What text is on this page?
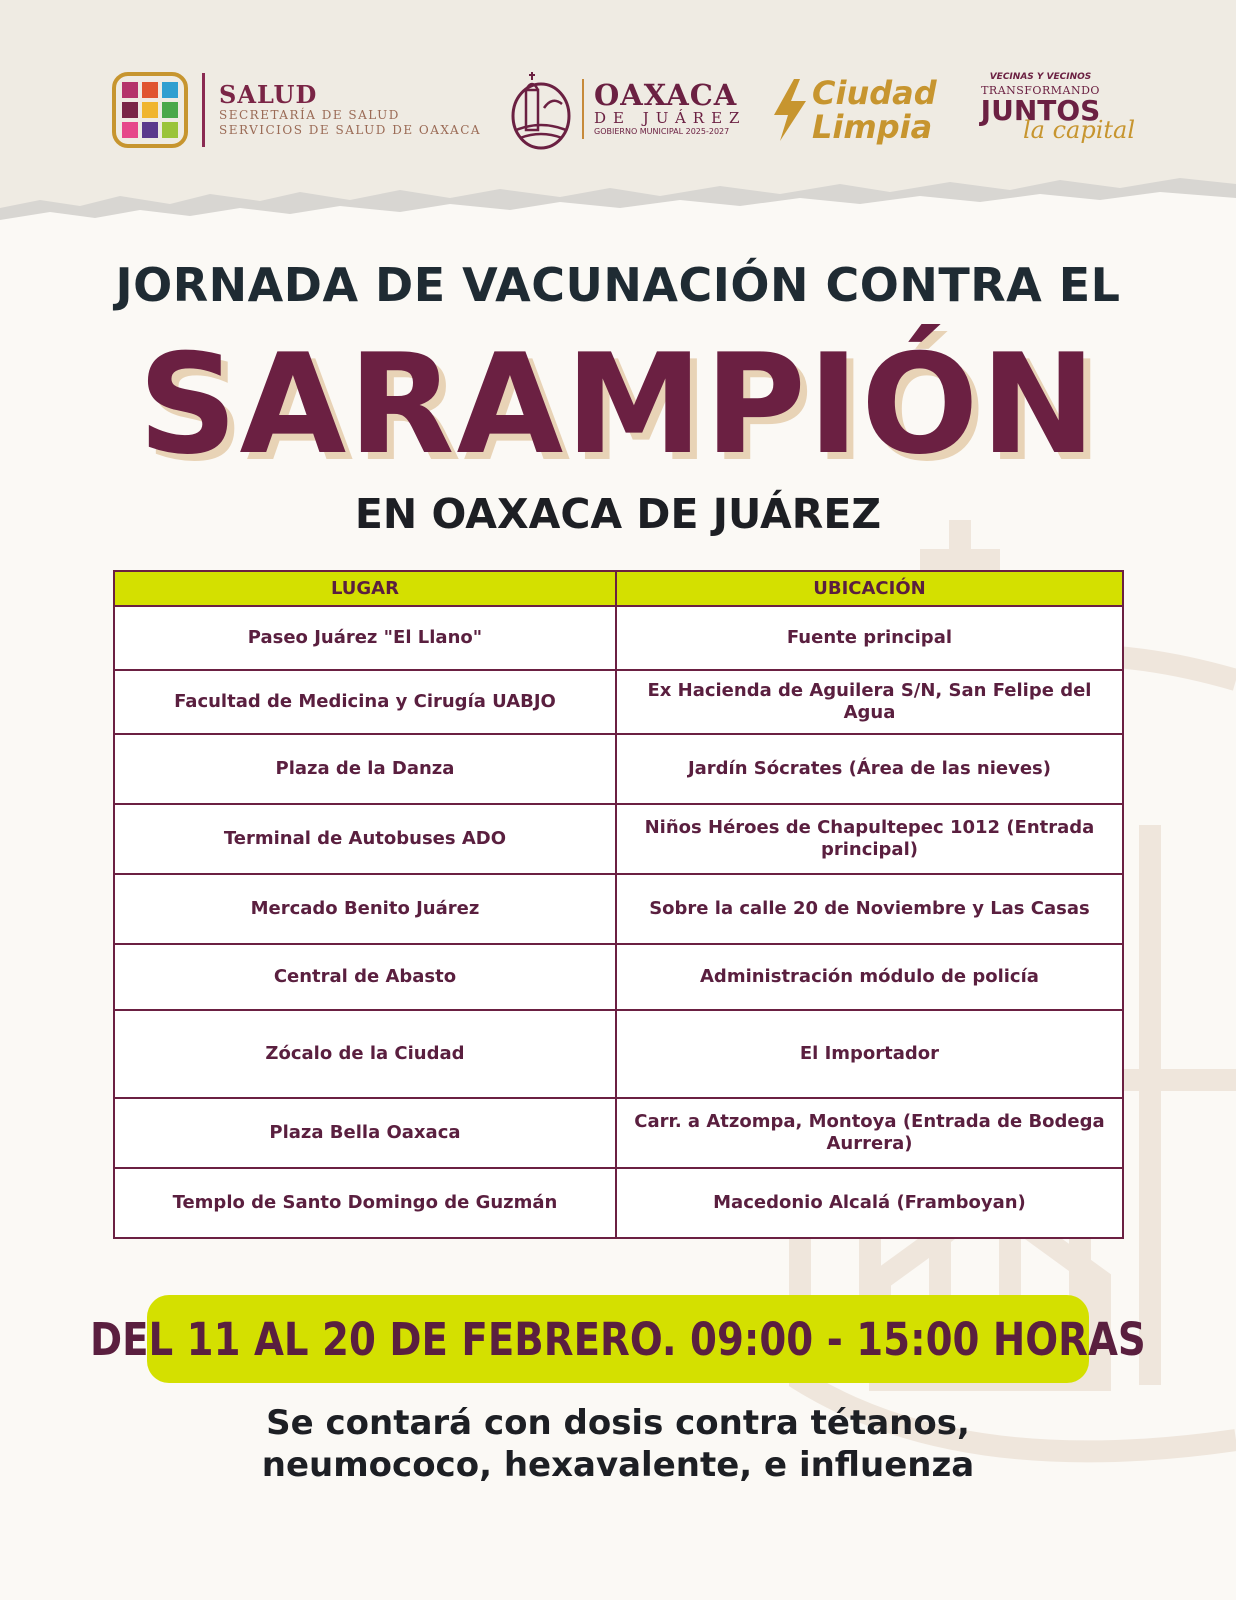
SALUD
SECRETARÍA DE SALUD
SERVICIOS DE SALUD DE OAXACA
OAXACA
DE JUÁREZ
GOBIERNO MUNICIPAL 2025-2027
Ciudad
Limpia
VECINAS Y VECINOS
TRANSFORMANDO
JUNTOS
la capital
JORNADA DE VACUNACIÓN CONTRA EL
SARAMPIÓN
EN OAXACA DE JUÁREZ
LUGAR	UBICACIÓN
Paseo Juárez "El Llano"	Fuente principal
Facultad de Medicina y Cirugía UABJO	Ex Hacienda de Aguilera S/N, San Felipe del Agua
Plaza de la Danza	Jardín Sócrates (Área de las nieves)
Terminal de Autobuses ADO	Niños Héroes de Chapultepec 1012 (Entrada principal)
Mercado Benito Juárez	Sobre la calle 20 de Noviembre y Las Casas
Central de Abasto	Administración módulo de policía
Zócalo de la Ciudad	El Importador
Plaza Bella Oaxaca	Carr. a Atzompa, Montoya (Entrada de Bodega Aurrera)
Templo de Santo Domingo de Guzmán	Macedonio Alcalá (Framboyan)
DEL 11 AL 20 DE FEBRERO. 09:00 - 15:00 HORAS
Se contará con dosis contra tétanos,
neumococo, hexavalente, e influenza
